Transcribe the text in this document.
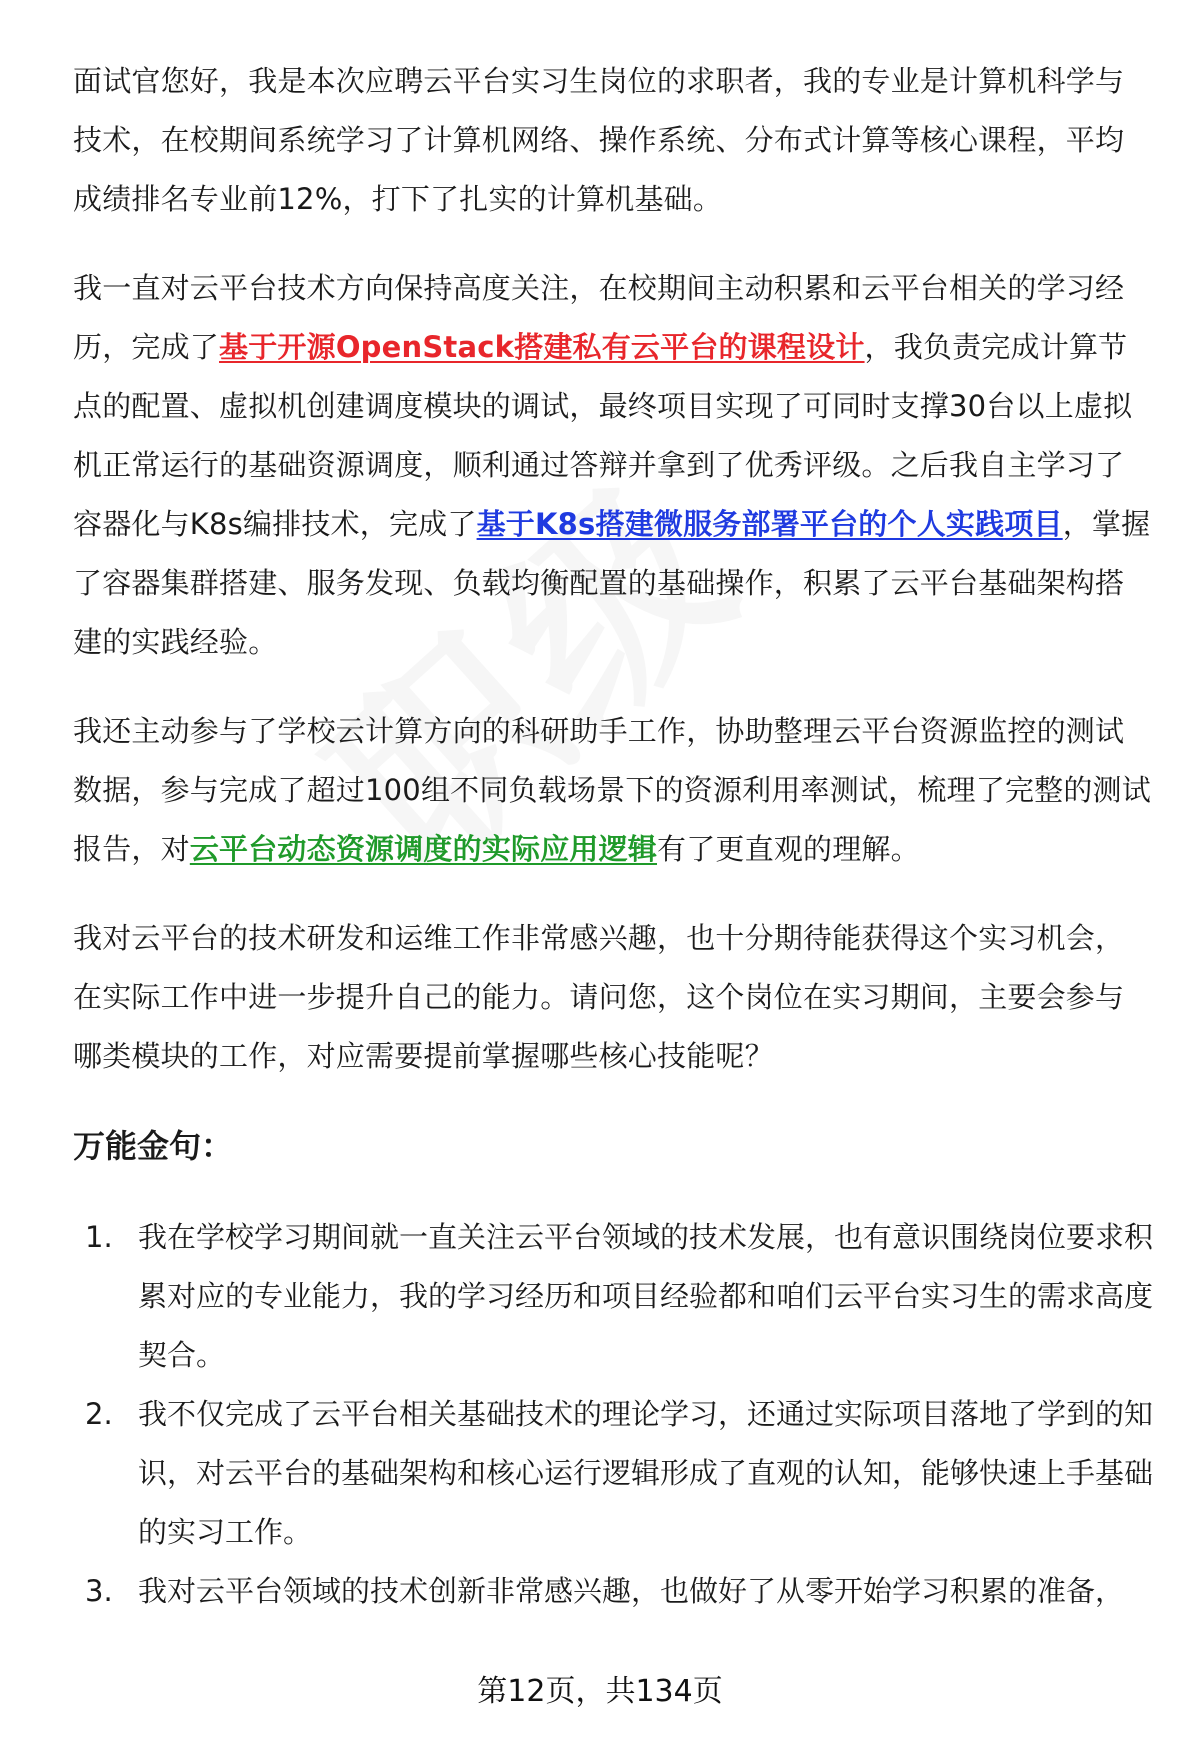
面试官您好，我是本次应聘云平台实习生岗位的求职者，我的专业是计算机科学与技术，在校期间系统学习了计算机网络、操作系统、分布式计算等核心课程，平均成绩排名专业前12%，打下了扎实的计算机基础。

我一直对云平台技术方向保持高度关注，在校期间主动积累和云平台相关的学习经历，完成了基于开源OpenStack搭建私有云平台的课程设计，我负责完成计算节点的配置、虚拟机创建调度模块的调试，最终项目实现了可同时支撑30台以上虚拟机正常运行的基础资源调度，顺利通过答辩并拿到了优秀评级。之后我自主学习了容器化与K8s编排技术，完成了基于K8s搭建微服务部署平台的个人实践项目，掌握了容器集群搭建、服务发现、负载均衡配置的基础操作，积累了云平台基础架构搭建的实践经验。

我还主动参与了学校云计算方向的科研助手工作，协助整理云平台资源监控的测试数据，参与完成了超过100组不同负载场景下的资源利用率测试，梳理了完整的测试报告，对云平台动态资源调度的实际应用逻辑有了更直观的理解。

我对云平台的技术研发和运维工作非常感兴趣，也十分期待能获得这个实习机会，在实际工作中进一步提升自己的能力。请问您，这个岗位在实习期间，主要会参与哪类模块的工作，对应需要提前掌握哪些核心技能呢？

万能金句：
1. 我在学校学习期间就一直关注云平台领域的技术发展，也有意识围绕岗位要求积累对应的专业能力，我的学习经历和项目经验都和咱们云平台实习生的需求高度契合。
2. 我不仅完成了云平台相关基础技术的理论学习，还通过实际项目落地了学到的知识，对云平台的基础架构和核心运行逻辑形成了直观的认知，能够快速上手基础的实习工作。
3. 我对云平台领域的技术创新非常感兴趣，也做好了从零开始学习积累的准备，
第12页，共134页
